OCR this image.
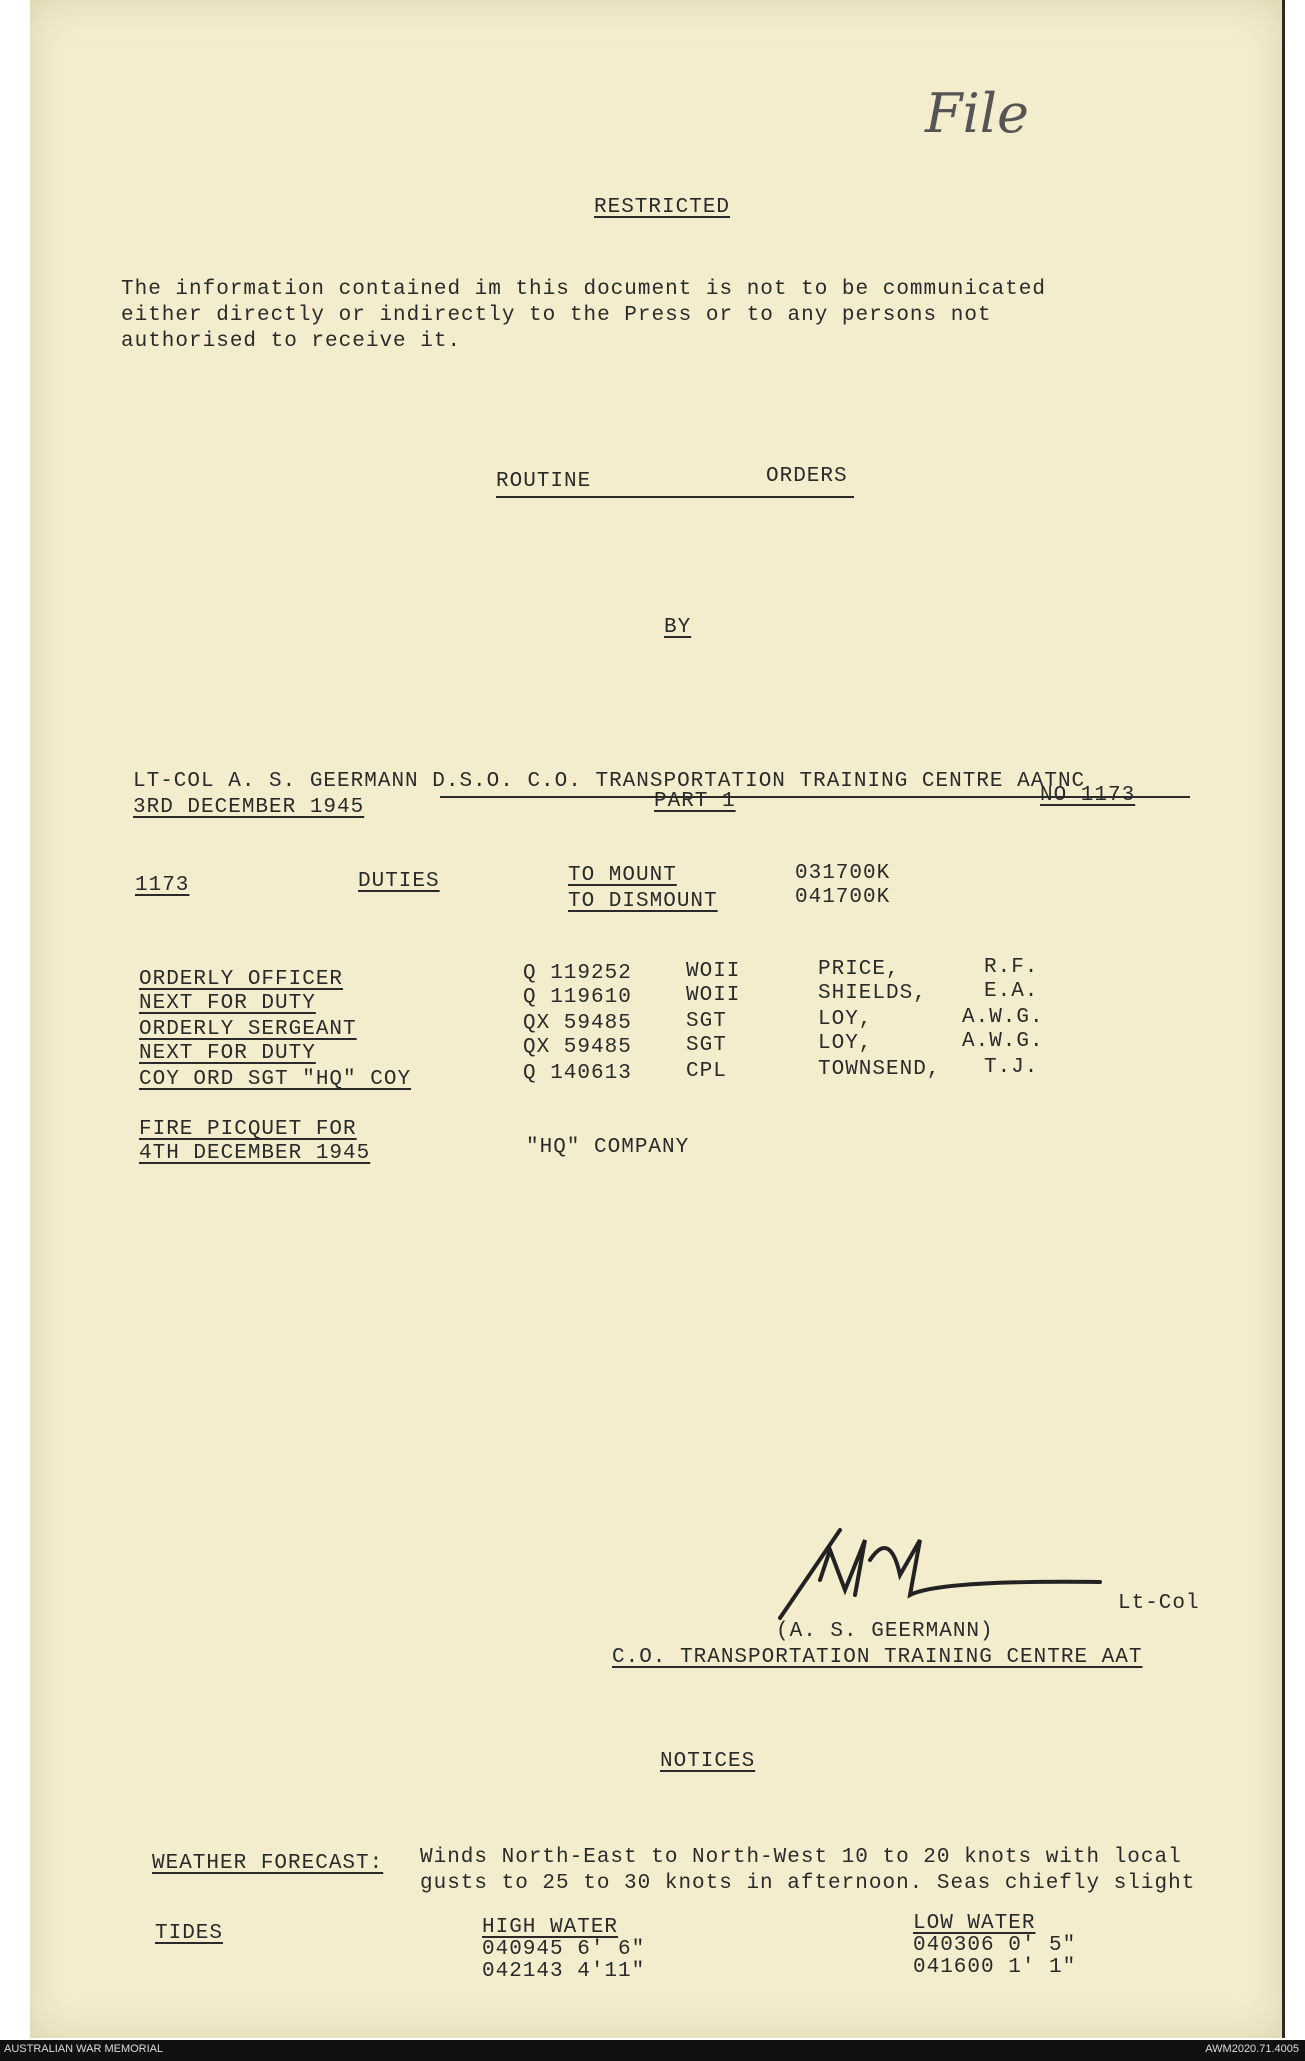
File
RESTRICTED
The information contained im this document is not to be communicated
either directly or indirectly to the Press or to any persons not
authorised to receive it.
ROUTINE	ORDERS
BY
LT-COL A. S. GEERMANN D.S.O. C.O. TRANSPORTATION TRAINING CENTRE AATNC
3RD DECEMBER 1945	PART 1	NO 1173
1173	DUTIES	TO MOUNT	031700K
TO DISMOUNT	041700K
ORDERLY OFFICER	Q 119252	WOII	PRICE,	R.F.
NEXT FOR DUTY	Q 119610	WOII	SHIELDS,	E.A.
ORDERLY SERGEANT	QX 59485	SGT	LOY,	A.W.G.
NEXT FOR DUTY	QX 59485	SGT	LOY,	A.W.G.
COY ORD SGT "HQ" COY	Q 140613	CPL	TOWNSEND, T.J.
FIRE PICQUET FOR
4TH DECEMBER 1945	"HQ" COMPANY
Lt-Col
(A. S. GEERMANN)
C.O. TRANSPORTATION TRAINING CENTRE AAT
NOTICES
WEATHER FORECAST: Winds North-East to North-West 10 to 20 knots with local
gusts to 25 to 30 knots in afternoon. Seas chiefly slight
TIDES	HIGH WATER
040945 6' 6"
042143 4'11"
LOW WATER
040306 0' 5"
041600 1' 1"
AUSTRALIAN WAR MEMORIAL	AWM2020.71.4005
